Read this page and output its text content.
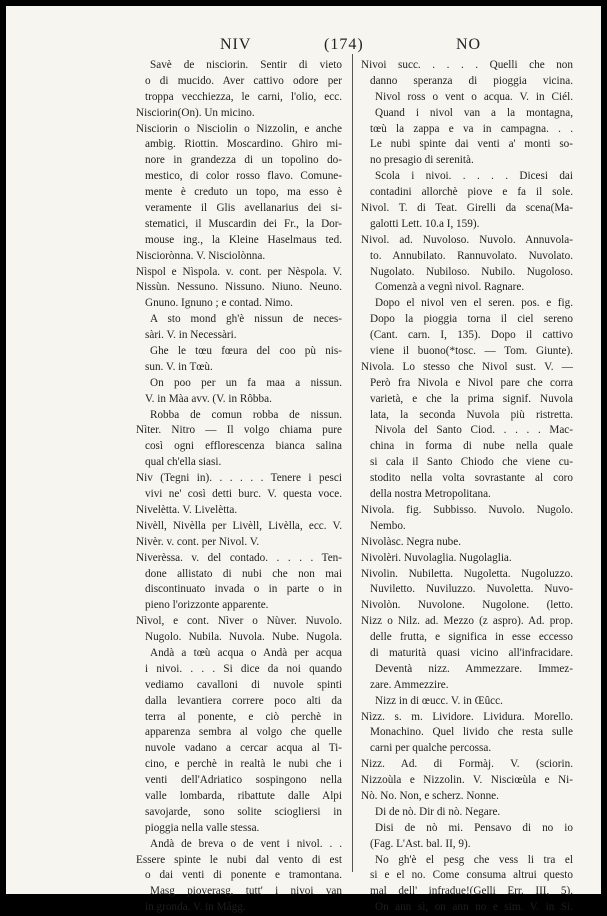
NIV	(174)	NO
Savè de nisciorin. Sentir di vieto
o di mucido. Aver cattivo odore per
troppa vecchiezza, le carni, l'olio, ecc.
Nisciorin(On). Un micino.
Nisciorin o Nisciolin o Nizzolin, e anche
ambig. Riottin. Moscardino. Ghiro mi-
nore in grandezza di un topolino do-
mestico, di color rosso flavo. Comune-
mente è creduto un topo, ma esso è
veramente il Glis avellanarius dei si-
stematici, il Muscardin dei Fr., la Dor-
mouse ing., la Kleine Haselmaus ted.
Nisciorònna. V. Nisciolònna.
Nìspol e Nìspola. v. cont. per Nèspola. V.
Nissùn. Nessuno. Nissuno. Niuno. Neuno.
Gnuno. Ignuno ; e contad. Nimo.
A sto mond gh'è nissun de neces-
sàri. V. in Necessàri.
Ghe le tœu fœura del coo pù nis-
sun. V. in Tœù.
On poo per un fa maa a nissun.
V. in Màa avv. (V. in Rôbba.
Robba de comun robba de nissun.
Nìter. Nitro — Il volgo chiama pure
così ogni efflorescenza bianca salina
qual ch'ella siasi.
Niv (Tegni in). . . . . . Tenere i pesci
vivi ne' così detti burc. V. questa voce.
Nivelètta. V. Livelètta.
Nivèll, Nivèlla per Livèll, Livèlla, ecc. V.
Nivèr. v. cont. per Nivol. V.
Niverèssa. v. del contado. . . . . Ten-
done allistato di nubi che non mai
discontinuato invada o in parte o in
pieno l'orizzonte apparente.
Nìvol, e cont. Nìver o Nùver. Nuvolo.
Nugolo. Nubila. Nuvola. Nube. Nugola.
Andà a tœù acqua o Andà per acqua
i nivoi. . . . Si dice da noi quando
vediamo cavalloni di nuvole spinti
dalla levantiera correre poco alti da
terra al ponente, e ciò perchè in
apparenza sembra al volgo che quelle
nuvole vadano a cercar acqua al Ti-
cino, e perchè in realtà le nubi che i
venti dell'Adriatico sospingono nella
valle lombarda, ribattute dalle Alpi
savojarde, sono solite sciogliersi in
pioggia nella valle stessa.
Andà de breva o de vent i nivol. . .
Essere spinte le nubi dal vento di est
o dai venti di ponente e tramontana.
Masg pioverasg, tutt' i nivoi van
in gronda. V. in Mâgg.
Nivoi succ. . . . . Quelli che non
danno speranza di pioggia vicina.
Nivol ross o vent o acqua. V. in Ciél.
Quand i nivol van a la montagna,
tœù la zappa e va in campagna. . .
Le nubi spinte dai venti a' monti so-
no presagio di serenità.
Scola i nivoi. . . . . Dicesi dai
contadini allorchè piove e fa il sole.
Nivol. T. di Teat. Girelli da scena(Ma-
galotti Lett. 10.a I, 159).
Nivol. ad. Nuvoloso. Nuvolo. Annuvola-
to. Annubilato. Rannuvolato. Nuvolato.
Nugolato. Nubiloso. Nubilo. Nugoloso.
Comenzà a vegnì nivol. Ragnare.
Dopo el nivol ven el seren. pos. e fig.
Dopo la pioggia torna il ciel sereno
(Cant. carn. I, 135). Dopo il cattivo
viene il buono(*tosc. — Tom. Giunte).
Nivola. Lo stesso che Nivol sust. V. —
Però fra Nivola e Nivol pare che corra
varietà, e che la prima signif. Nuvola
lata, la seconda Nuvola più ristretta.
Nivola del Santo Ciod. . . . . Mac-
china in forma di nube nella quale
si cala il Santo Chiodo che viene cu-
stodito nella volta sovrastante al coro
della nostra Metropolitana.
Nivola. fig. Subbisso. Nuvolo. Nugolo.
Nembo.
Nivolàsc. Negra nube.
Nivolèri. Nuvolaglia. Nugolaglia.
Nivolin. Nubiletta. Nugoletta. Nugoluzzo.
Nuviletto. Nuviluzzo. Nuvoletta. Nuvo-
Nivolòn. Nuvolone. Nugolone. (letto.
Nizz o Nilz. ad. Mezzo (z aspro). Ad. prop.
delle frutta, e significa in esse eccesso
di maturità quasi vicino all'infracidare.
Deventà nizz. Ammezzare. Immez-
zare. Ammezzire.
Nizz in di œucc. V. in Œûcc.
Nìzz. s. m. Lividore. Lividura. Morello.
Monachino. Quel livido che resta sulle
carni per qualche percossa.
Nizz. Ad. di Formàj. V. (sciorin.
Nizzoùla e Nizzolin. V. Nisciœùla e Ni-
Nò. No. Non, e scherz. Nonne.
Di de nò. Dir di nò. Negare.
Disi de nò mi. Pensavo di no io
(Fag. L'Ast. bal. II, 9).
No gh'è el pesg che vess li tra el
si e el no. Come consuma altrui questo
mal dell' infradue!(Gelli Err. III, 5).
On ann sì, on ann no e sim. V. in Sì.
